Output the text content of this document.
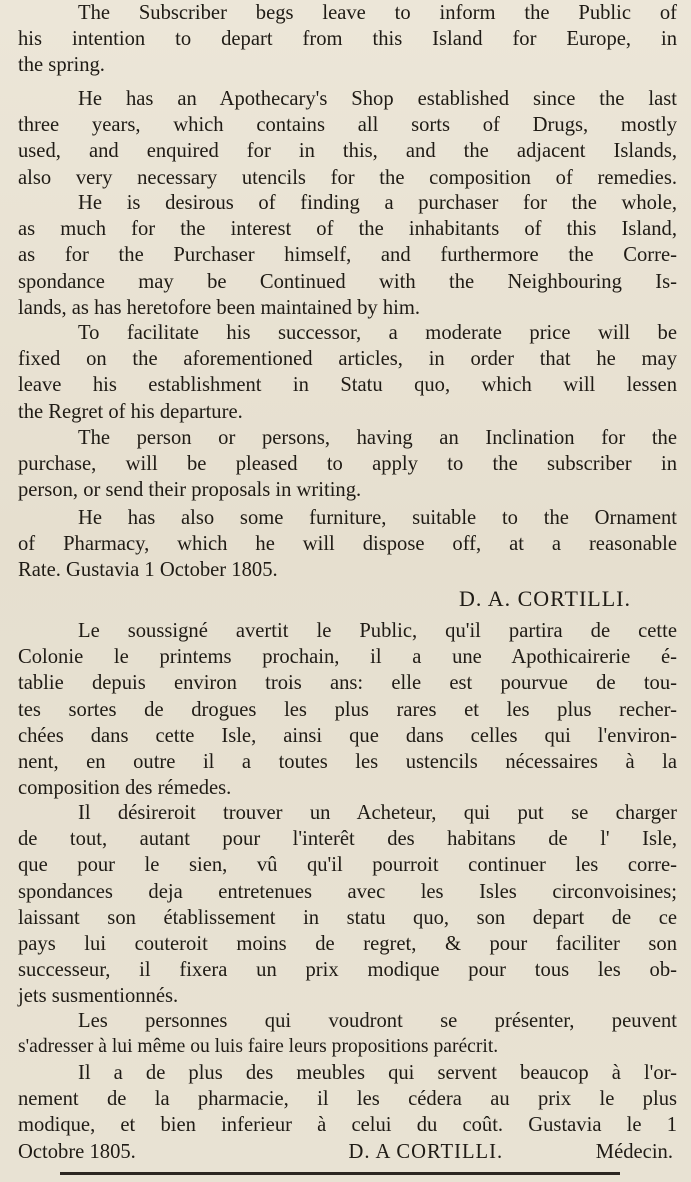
The Subscriber begs leave to inform the Public of
his intention to depart from this Island for Europe, in
the spring.

He has an Apothecary's Shop established since the last
three years, which contains all sorts of Drugs, mostly
used, and enquired for in this, and the adjacent Islands,
also very necessary utencils for the composition of remedies.

He is desirous of finding a purchaser for the whole,
as much for the interest of the inhabitants of this Island,
as for the Purchaser himself, and furthermore the Corre-
spondance may be Continued with the Neighbouring Is-
lands, as has heretofore been maintained by him.

To facilitate his successor, a moderate price will be
fixed on the aforementioned articles, in order that he may
leave his establishment in Statu quo, which will lessen
the Regret of his departure.

The person or persons, having an Inclination for the
purchase, will be pleased to apply to the subscriber in
person, or send their proposals in writing.

He has also some furniture, suitable to the Ornament
of Pharmacy, which he will dispose off, at a reasonable
Rate. Gustavia 1 October 1805.

D. A. CORTILLI.

Le soussigné avertit le Public, qu'il partira de cette
Colonie le printems prochain, il a une Apothicairerie é-
tablie depuis environ trois ans: elle est pourvue de tou-
tes sortes de drogues les plus rares et les plus recher-
chées dans cette Isle, ainsi que dans celles qui l'environ-
nent, en outre il a toutes les ustencils nécessaires à la
composition des rémedes.

Il désireroit trouver un Acheteur, qui put se charger
de tout, autant pour l'interêt des habitans de l' Isle,
que pour le sien, vû qu'il pourroit continuer les corre-
spondances deja entretenues avec les Isles circonvoisines;
laissant son établissement in statu quo, son depart de ce
pays lui couteroit moins de regret, & pour faciliter son
successeur, il fixera un prix modique pour tous les ob-
jets susmentionnés.

Les personnes qui voudront se présenter, peuvent
s'adresser à lui même ou luis faire leurs propositions parécrit.

Il a de plus des meubles qui servent beaucop à l'or-
nement de la pharmacie, il les cédera au prix le plus
modique, et bien inferieur à celui du coût. Gustavia le 1

Octobre 1805.	D. A CORTILLI.	Médecin.
